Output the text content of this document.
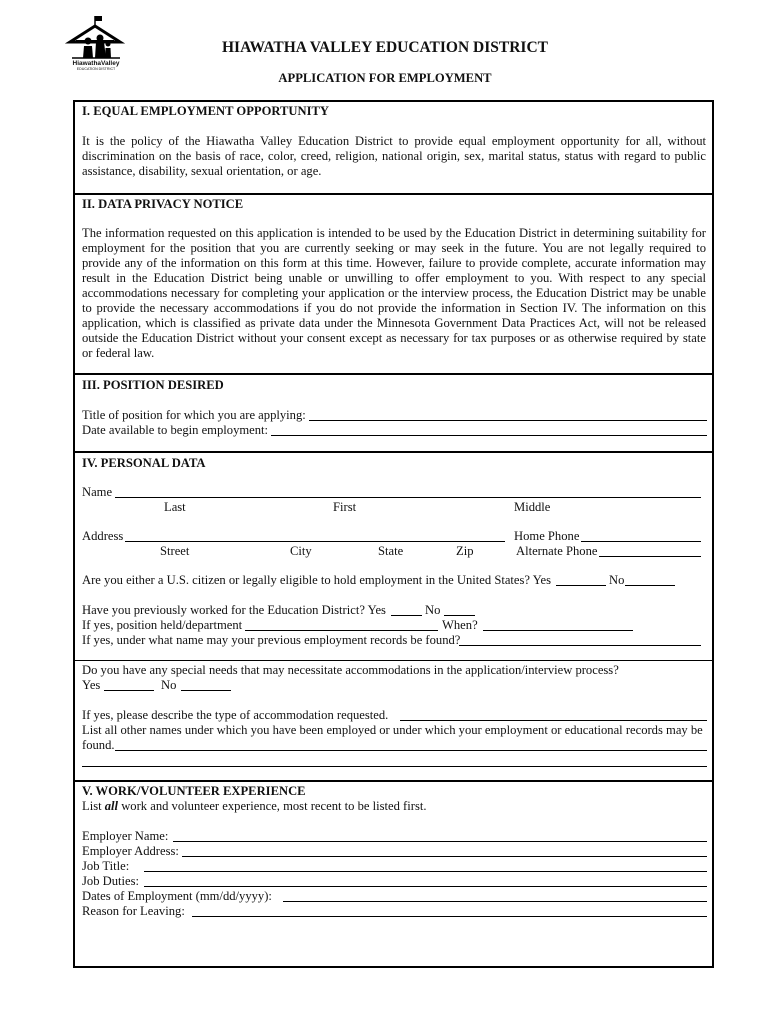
HiawathaValley
EDUCATION DISTRICT
HIAWATHA VALLEY EDUCATION DISTRICT
APPLICATION FOR EMPLOYMENT
I. EQUAL EMPLOYMENT OPPORTUNITY
It is the policy of the Hiawatha Valley Education District to provide equal employment opportunity for all, without discrimination on the basis of race, color, creed, religion, national origin, sex, marital status, status with regard to public assistance, disability, sexual orientation, or age.
II. DATA PRIVACY NOTICE
The information requested on this application is intended to be used by the Education District in determining suitability for employment for the position that you are currently seeking or may seek in the future. You are not legally required to provide any of the information on this form at this time. However, failure to provide complete, accurate information may result in the Education District being unable or unwilling to offer employment to you. With respect to any special accommodations necessary for completing your application or the interview process, the Education District may be unable to provide the necessary accommodations if you do not provide the information in Section IV. The information on this application, which is classified as private data under the Minnesota Government Data Practices Act, will not be released outside the Education District without your consent except as necessary for tax purposes or as otherwise required by state or federal law.
III. POSITION DESIRED
Title of position for which you are applying:
Date available to begin employment:
IV. PERSONAL DATA
Name
Last	First	Middle
Address
Street	City	State	Zip
Home Phone
Alternate Phone
Are you either a U.S. citizen or legally eligible to hold employment in the United States? Yes	No
Have you previously worked for the Education District? Yes	No
If yes, position held/department	When?
If yes, under what name may your previous employment records be found?
Do you have any special needs that may necessitate accommodations in the application/interview process?
Yes	No
If yes, please describe the type of accommodation requested.
List all other names under which you have been employed or under which your employment or educational records may be
found.
V. WORK/VOLUNTEER EXPERIENCE
List all work and volunteer experience, most recent to be listed first.
Employer Name:
Employer Address:
Job Title:
Job Duties:
Dates of Employment (mm/dd/yyyy):
Reason for Leaving:
